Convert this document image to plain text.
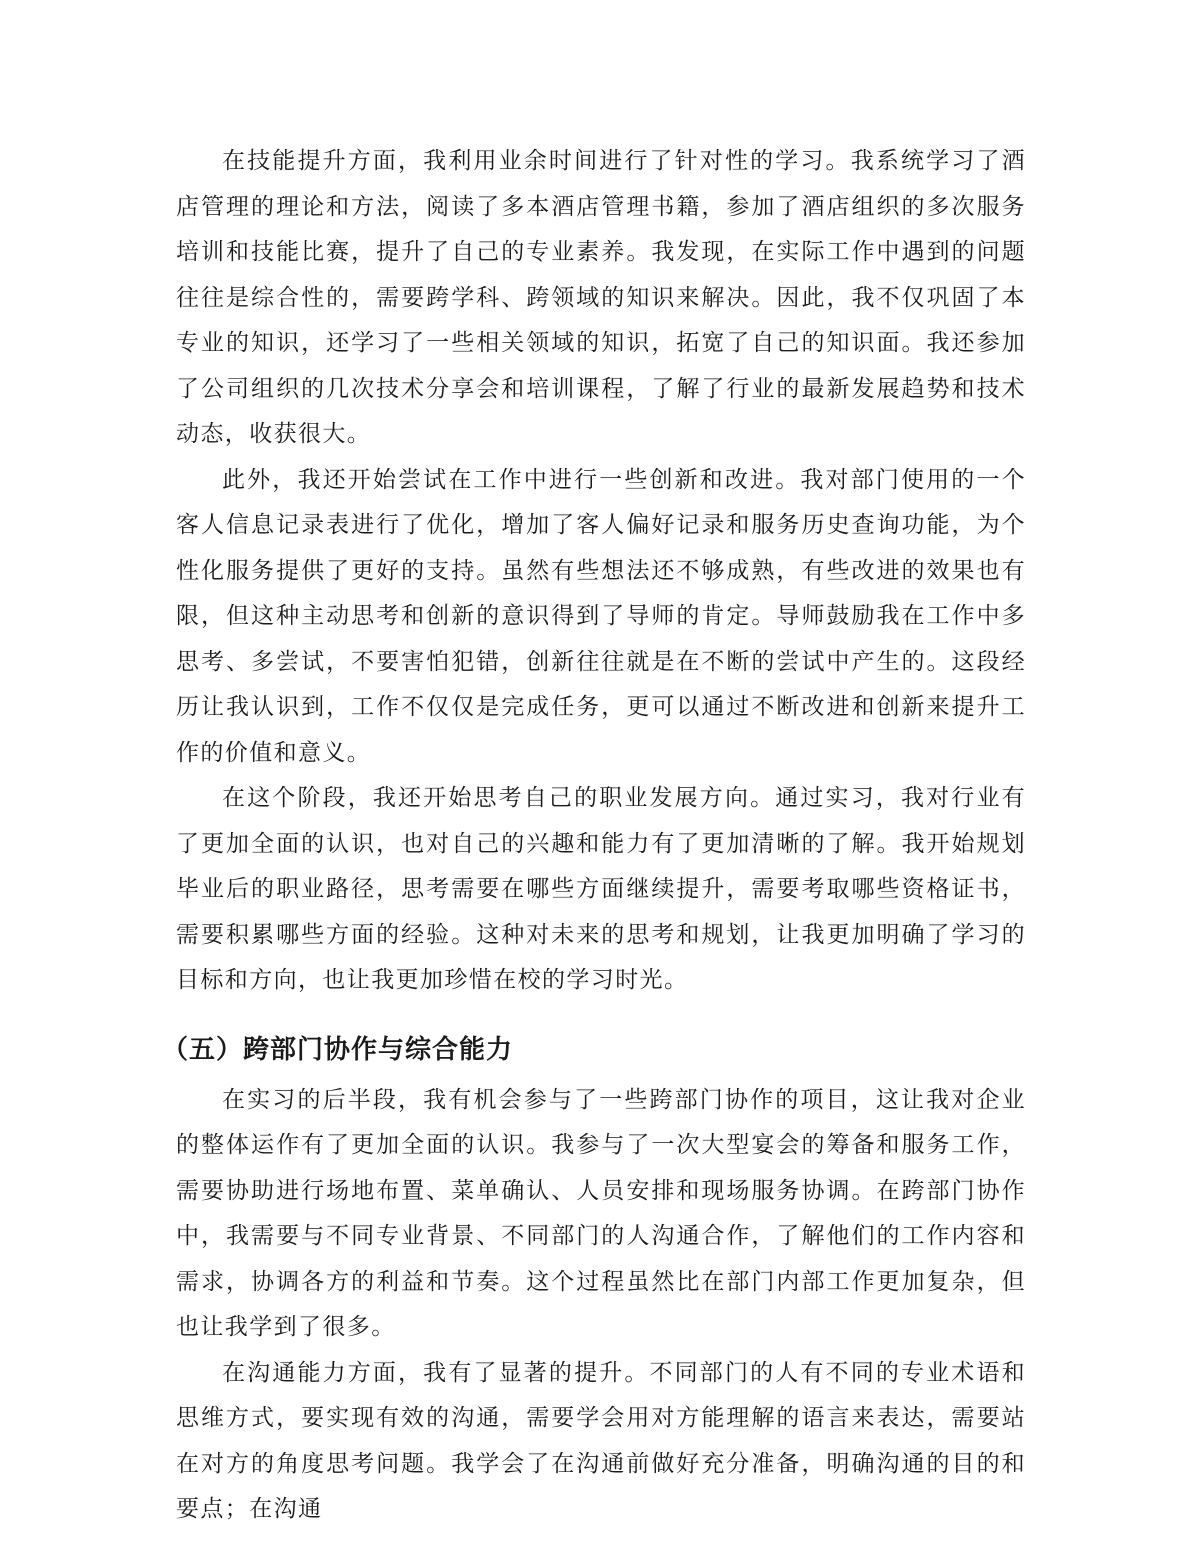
在技能提升方面，我利用业余时间进行了针对性的学习。我系统学习了酒店管理的理论和方法，阅读了多本酒店管理书籍，参加了酒店组织的多次服务培训和技能比赛，提升了自己的专业素养。我发现，在实际工作中遇到的问题往往是综合性的，需要跨学科、跨领域的知识来解决。因此，我不仅巩固了本专业的知识，还学习了一些相关领域的知识，拓宽了自己的知识面。我还参加了公司组织的几次技术分享会和培训课程，了解了行业的最新发展趋势和技术动态，收获很大。

此外，我还开始尝试在工作中进行一些创新和改进。我对部门使用的一个客人信息记录表进行了优化，增加了客人偏好记录和服务历史查询功能，为个性化服务提供了更好的支持。虽然有些想法还不够成熟，有些改进的效果也有限，但这种主动思考和创新的意识得到了导师的肯定。导师鼓励我在工作中多思考、多尝试，不要害怕犯错，创新往往就是在不断的尝试中产生的。这段经历让我认识到，工作不仅仅是完成任务，更可以通过不断改进和创新来提升工作的价值和意义。

在这个阶段，我还开始思考自己的职业发展方向。通过实习，我对行业有了更加全面的认识，也对自己的兴趣和能力有了更加清晰的了解。我开始规划毕业后的职业路径，思考需要在哪些方面继续提升，需要考取哪些资格证书，需要积累哪些方面的经验。这种对未来的思考和规划，让我更加明确了学习的目标和方向，也让我更加珍惜在校的学习时光。

（五）跨部门协作与综合能力

在实习的后半段，我有机会参与了一些跨部门协作的项目，这让我对企业的整体运作有了更加全面的认识。我参与了一次大型宴会的筹备和服务工作，需要协助进行场地布置、菜单确认、人员安排和现场服务协调。在跨部门协作中，我需要与不同专业背景、不同部门的人沟通合作，了解他们的工作内容和需求，协调各方的利益和节奏。这个过程虽然比在部门内部工作更加复杂，但也让我学到了很多。

在沟通能力方面，我有了显著的提升。不同部门的人有不同的专业术语和思维方式，要实现有效的沟通，需要学会用对方能理解的语言来表达，需要站在对方的角度思考问题。我学会了在沟通前做好充分准备，明确沟通的目的和要点；在沟通
